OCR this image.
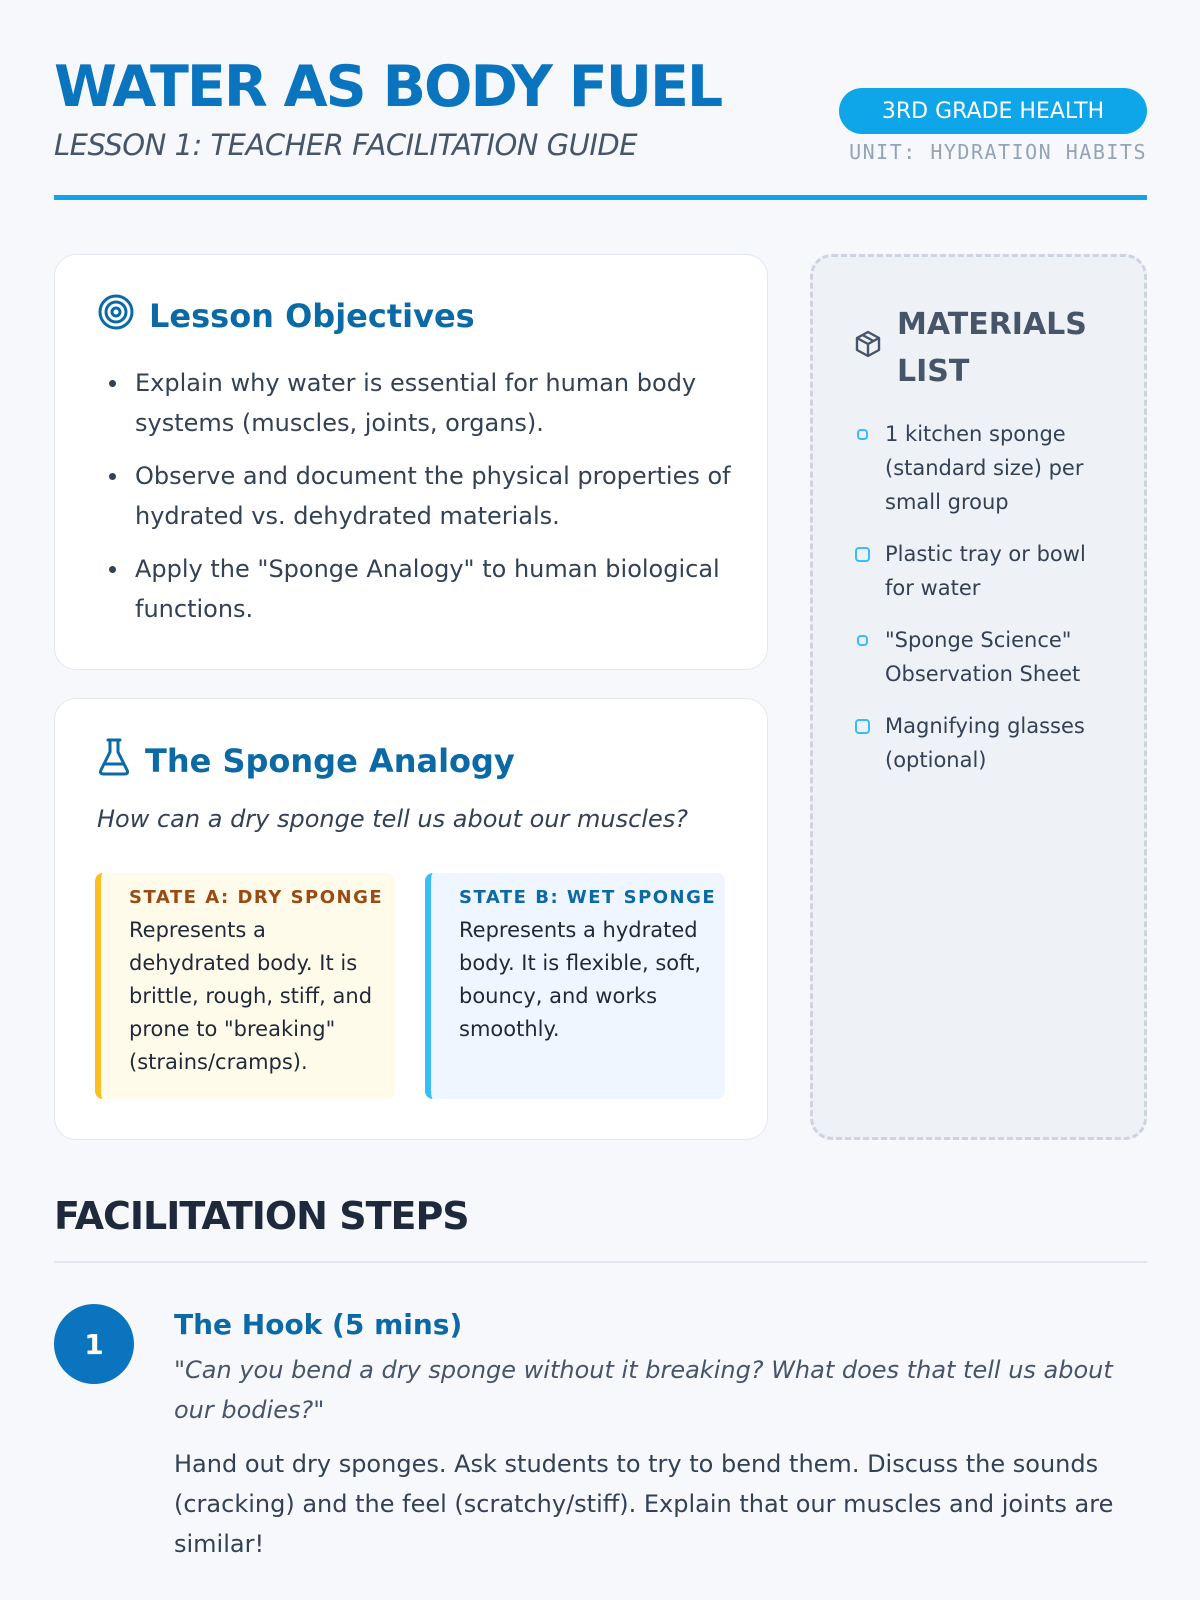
WATER AS BODY FUEL
LESSON 1: TEACHER FACILITATION GUIDE
3RD GRADE HEALTH
UNIT: HYDRATION HABITS
Lesson Objectives
Explain why water is essential for human body systems (muscles, joints, organs).
Observe and document the physical properties of hydrated vs. dehydrated materials.
Apply the "Sponge Analogy" to human biological functions.
The Sponge Analogy
How can a dry sponge tell us about our muscles?
STATE A: DRY SPONGE
Represents a dehydrated body. It is brittle, rough, stiff, and prone to "breaking" (strains/cramps).
STATE B: WET SPONGE
Represents a hydrated body. It is flexible, soft, bouncy, and works smoothly.
MATERIALS LIST
1 kitchen sponge (standard size) per small group
Plastic tray or bowl for water
"Sponge Science" Observation Sheet
Magnifying glasses (optional)
FACILITATION STEPS
1
The Hook (5 mins)

"Can you bend a dry sponge without it breaking? What does that tell us about our bodies?"

Hand out dry sponges. Ask students to try to bend them. Discuss the sounds (cracking) and the feel (scratchy/stiff). Explain that our muscles and joints are similar!
